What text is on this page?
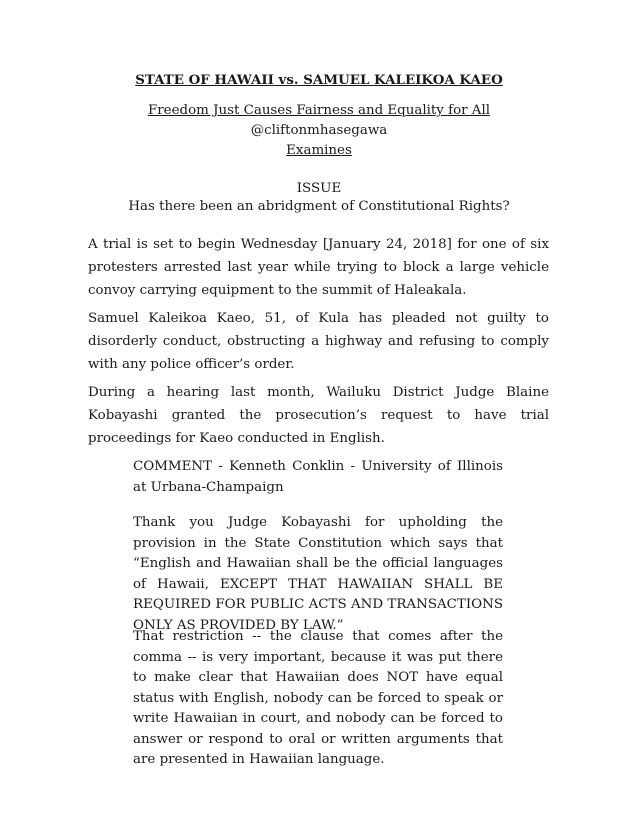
STATE OF HAWAII vs. SAMUEL KALEIKOA KAEO
Freedom Just Causes Fairness and Equality for All
@cliftonmhasegawa
Examines
ISSUE
Has there been an abridgment of Constitutional Rights?

A trial is set to begin Wednesday [January 24, 2018] for one of six protesters arrested last year while trying to block a large vehicle convoy carrying equipment to the summit of Haleakala.

Samuel Kaleikoa Kaeo, 51, of Kula has pleaded not guilty to disorderly conduct, obstructing a highway and refusing to comply with any police officer’s order.

During a hearing last month, Wailuku District Judge Blaine Kobayashi granted the prosecution’s request to have trial proceedings for Kaeo conducted in English.

COMMENT - Kenneth Conklin - University of Illinois at Urbana-Champaign

Thank you Judge Kobayashi for upholding the provision in the State Constitution which says that “English and Hawaiian shall be the official languages of Hawaii, EXCEPT THAT HAWAIIAN SHALL BE REQUIRED FOR PUBLIC ACTS AND TRANSACTIONS ONLY AS PROVIDED BY LAW.”

That restriction -- the clause that comes after the comma -- is very important, because it was put there to make clear that Hawaiian does NOT have equal status with English, nobody can be forced to speak or write Hawaiian in court, and nobody can be forced to answer or respond to oral or written arguments that are presented in Hawaiian language.
